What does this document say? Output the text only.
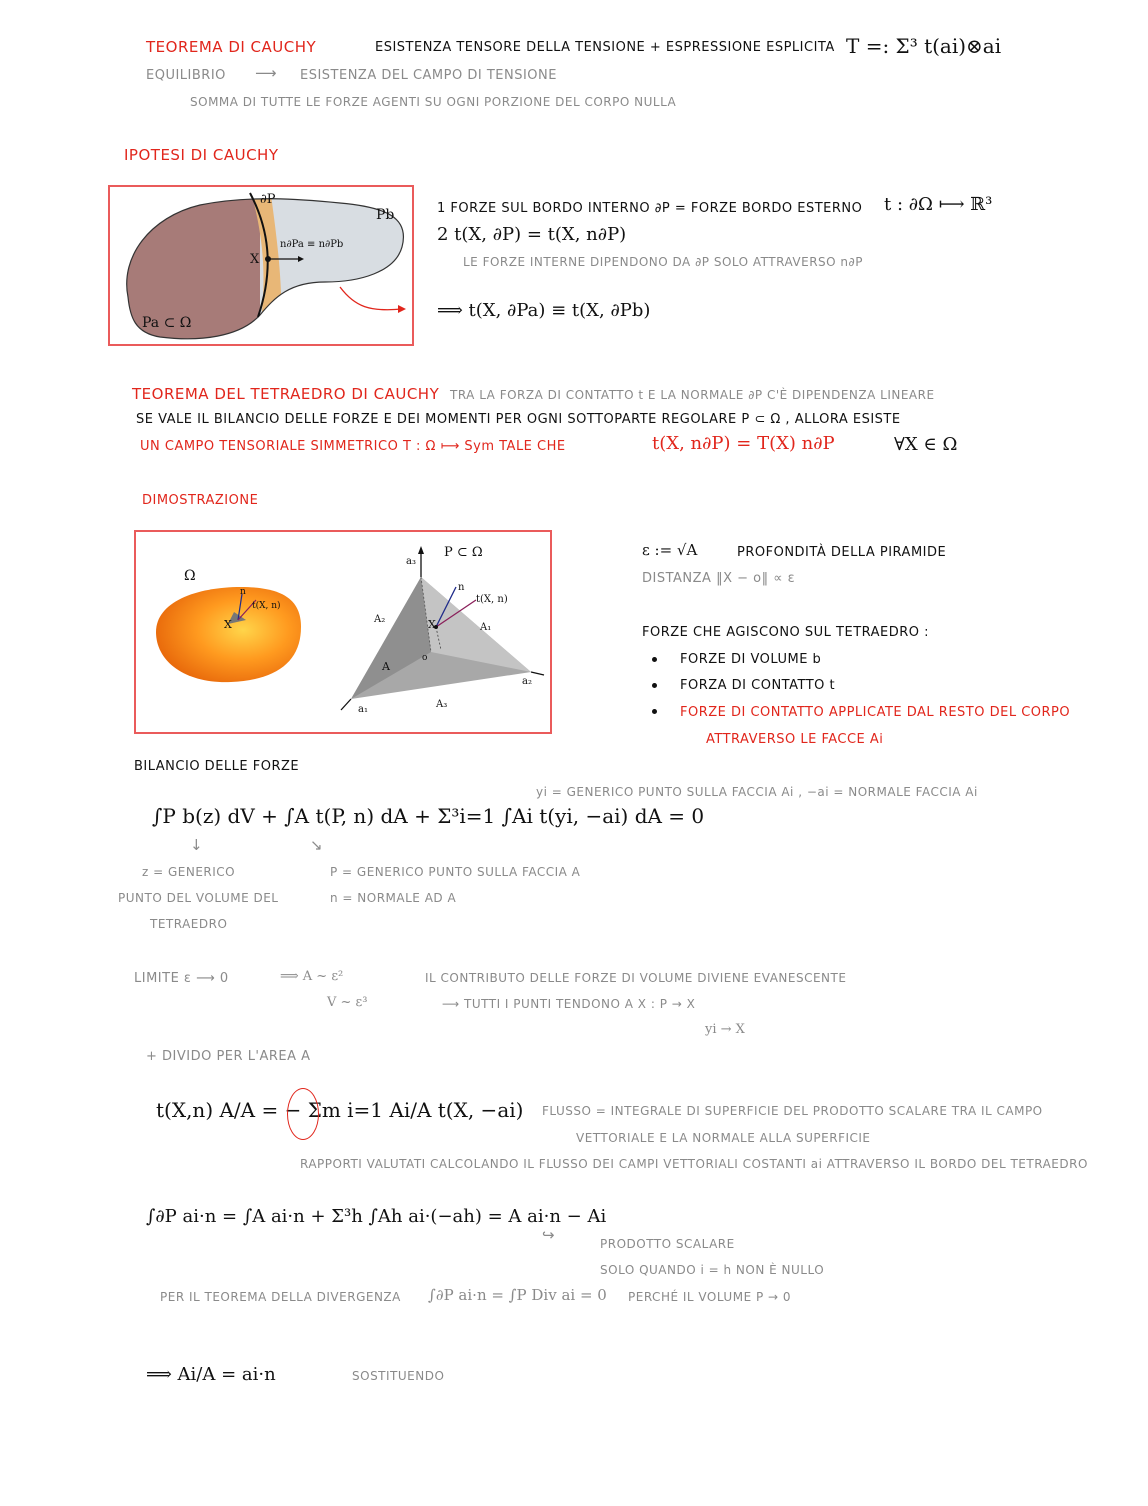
TEOREMA DI CAUCHY	ESISTENZA TENSORE DELLA TENSIONE + ESPRESSIONE ESPLICITA T =: Σ³ t(ai)⊗ai
EQUILIBRIO ⟶ ESISTENZA DEL CAMPO DI TENSIONE
SOMMA DI TUTTE LE FORZE AGENTI SU OGNI PORZIONE DEL CORPO NULLA
IPOTESI DI CAUCHY
∂P
Pb
X
n∂Pa ≡ n∂Pb
Pa ⊂ Ω
1 FORZE SUL BORDO INTERNO ∂P = FORZE BORDO ESTERNO t : ∂Ω ⟼ ℝ³
2 t(X, ∂P) = t(X, n∂P)
LE FORZE INTERNE DIPENDONO DA ∂P SOLO ATTRAVERSO n∂P
⟹ t(X, ∂Pa) ≡ t(X, ∂Pb)
TEOREMA DEL TETRAEDRO DI CAUCHY TRA LA FORZA DI CONTATTO t E LA NORMALE ∂P C'È DIPENDENZA LINEARE
SE VALE IL BILANCIO DELLE FORZE E DEI MOMENTI PER OGNI SOTTOPARTE REGOLARE P ⊂ Ω , ALLORA ESISTE
UN CAMPO TENSORIALE SIMMETRICO T : Ω ⟼ Sym TALE CHE	t(X, n∂P) = T(X) n∂P	∀X ∈ Ω
DIMOSTRAZIONE
Ω
X
n
t(X, n)
P ⊂ Ω
a₃
n
t(X, n)
X
A₂
A₁
A
o
A₃
a₁
a₂
ε := √A	PROFONDITÀ DELLA PIRAMIDE
DISTANZA ‖X − o‖ ∝ ε
FORZE CHE AGISCONO SUL TETRAEDRO :
FORZE DI VOLUME b
FORZA DI CONTATTO t
FORZE DI CONTATTO APPLICATE DAL RESTO DEL CORPO
ATTRAVERSO LE FACCE Ai
BILANCIO DELLE FORZE
yi = GENERICO PUNTO SULLA FACCIA Ai , −ai = NORMALE FACCIA Ai
∫P b(z) dV + ∫A t(P, n) dA + Σ³i=1 ∫Ai t(yi, −ai) dA = 0
↓	↘
z = GENERICO
PUNTO DEL VOLUME DEL
TETRAEDRO
P = GENERICO PUNTO SULLA FACCIA A
n = NORMALE AD A
LIMITE ε ⟶ 0	⟹ A ~ ε²
V ~ ε³
IL CONTRIBUTO DELLE FORZE DI VOLUME DIVIENE EVANESCENTE
⟶ TUTTI I PUNTI TENDONO A X : P → X
yi → X
+ DIVIDO PER L'AREA A
t(X,n) A/A = − Σm i=1 Ai/A t(X, −ai) FLUSSO = INTEGRALE DI SUPERFICIE DEL PRODOTTO SCALARE TRA IL CAMPO
VETTORIALE E LA NORMALE ALLA SUPERFICIE
RAPPORTI VALUTATI CALCOLANDO IL FLUSSO DEI CAMPI VETTORIALI COSTANTI ai ATTRAVERSO IL BORDO DEL TETRAEDRO
∫∂P ai·n = ∫A ai·n + Σ³h ∫Ah ai·(−ah) = A ai·n − Ai
↪	PRODOTTO SCALARE
SOLO QUANDO i = h NON È NULLO
PER IL TEOREMA DELLA DIVERGENZA ∫∂P ai·n = ∫P Div ai = 0 PERCHÉ IL VOLUME P → 0
⟹ Ai/A = ai·n	SOSTITUENDO
